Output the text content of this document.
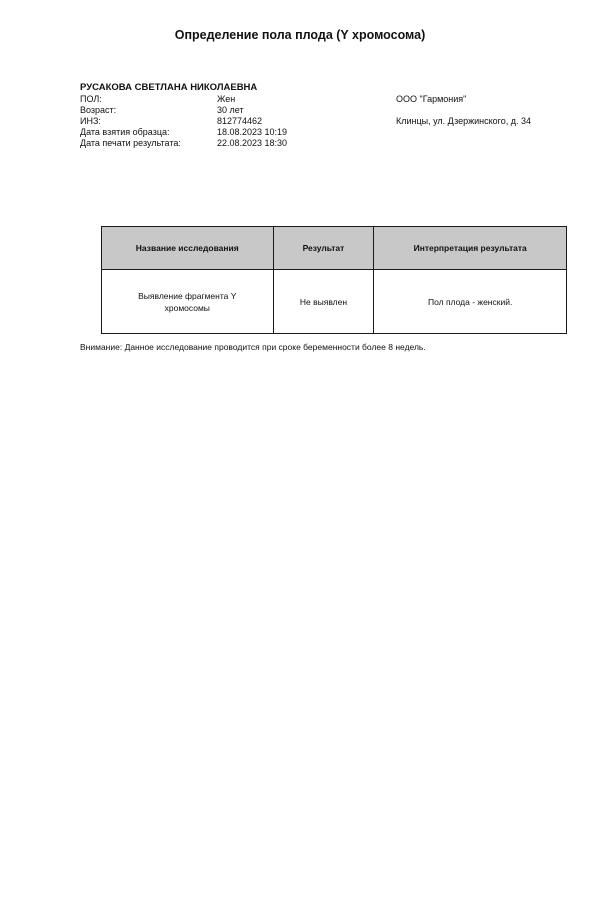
Определение пола плода (Y хромосома)
РУСАКОВА СВЕТЛАНА НИКОЛАЕВНА
ПОЛ:	Жен
Возраст:	30 лет
ИНЗ:	812774462
Дата взятия образца:	18.08.2023 10:19
Дата печати результата:	22.08.2023 18:30
ООО "Гармония"
Клинцы, ул. Дзержинского, д. 34
Название исследования	Результат	Интерпретация результата
Выявление фрагмента Y хромосомы	Не выявлен	Пол плода - женский.
Внимание: Данное исследование проводится при сроке беременности более 8 недель.
